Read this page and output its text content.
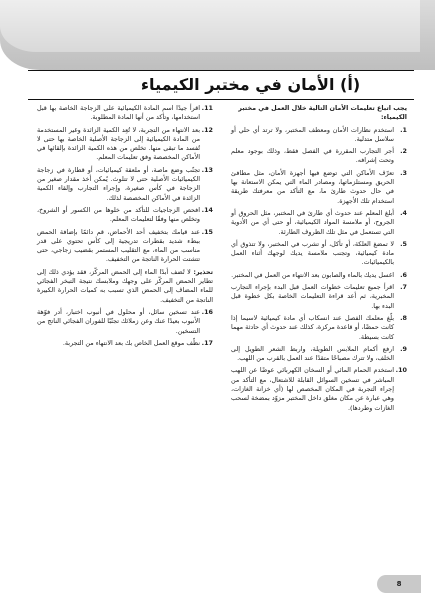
(أ) الأمان في مختبر الكيمياء

يجب اتباع تعليمات الأمان التالية خلال العمل في مختبر الكيمياء:

1.
استخدم نظارات الأمان ومعطف المختبر، ولا ترتد أي حلي أو سلاسل متدلية.
2.
أجر التجارب المقررة في الفصل فقط، وذلك بوجود معلم وتحت إشرافه.
3.
تعرّف الأماكن التي توضع فيها أجهزة الأمان، مثل مطافئ الحريق ومستلزماتها، ومصادر الماء التي يمكن الاستعانة بها في حال حدوث طارئ ما، مع التأكد من معرفتك طريقة استخدام تلك الأجهزة.
4.
أبلغ المعلم عند حدوث أي طارئ في المختبر، مثل الحروق أو الجروح، أو ملامسة المواد الكيميائية، أو حتى أي من الأدوية التي تستعمل في مثل تلك الظروف الطارئة.
5.
لا تمضغ العلكة، أو تأكل، أو تشرب في المختبر، ولا تتذوق أي مادة كيميائية، وتجنب ملامسة يديك لوجهك أثناء العمل بالكيميائيات.
6.
اغسل يديك بالماء والصابون بعد الانتهاء من العمل في المختبر.
7.
اقرأ جميع تعليمات خطوات العمل قبل البدء بإجراء التجارب المخبرية، ثم أعد قراءة التعليمات الخاصة بكل خطوة قبل البدء بها.
8.
بلّغ معلمك الفصل عند انسكاب أي مادة كيميائية لاسيما إذا كانت حمضًا، أو قاعدة مركزة، كذلك عند حدوث أي حادثة مهما كانت بسيطة.
9.
ارفع أكمام الملابس الطويلة، واربط الشعر الطويل إلى الخلف، ولا تترك مصباحًا متقدًا عند العمل بالقرب من اللهب.
10.
استخدم الحمام المائي أو السخان الكهربائي عوضًا عن اللهب المباشر في تسخين السوائل القابلة للاشتعال، مع التأكد من إجراء التجربة في المكان المخصص لها (أي خزانة الغازات، وهي عبارة عن مكان مغلق داخل المختبر مزوّد بمضخة لسحب الغازات وطردها).
11.
اقرأ جيدًا اسم المادة الكيميائية على الزجاجة الخاصة بها قبل استخدامها، وتأكد من أنها المادة المطلوبة.
12.
بعد الانتهاء من التجربة، لا تُعِد الكمية الزائدة وغير المستخدمة من المادة الكيميائية إلى الزجاجة الأصلية الخاصة بها حتى لا تُفسد ما تبقى منها. تخلص من هذه الكمية الزائدة بإلقائها في الأماكن المخصصة وفق تعليمات المعلم.
13.
تجنّب وضع ماصة، أو ملعقة كيميائيات، أو قطارة في زجاجة الكيميائيات الأصلية حتى لا تتلوث. يُمكن أخذ مقدار صغير من الزجاجة في كأس صغيرة، وإجراء التجارب وإلقاء الكمية الزائدة في الأماكن المخصصة لذلك.
14.
افحص الزجاجيات للتأكد من خلوها من الكسور أو الشروخ، وتخلص منها وفقًا لتعليمات المعلم.
15.
عند قيامك بتخفيف أحد الأحماض، قم دائمًا بإضافة الحمض ببطء شديد بقطرات تدريجية إلى كأس تحتوي على قدر مناسب من الماء، مع التقليب المستمر بقضيب زجاجي، حتى تتشتت الحرارة الناتجة من التخفيف.
تحذير: لا تُضف أبدًا الماء إلى الحمض المركّز، فقد يؤدي ذلك إلى تطاير الحمض المركّز على وجهك وملابسك نتيجة التبخر الفجائي للماء المضاف إلى الحمض الذي تسبب به كميات الحرارة الكبيرة الناتجة من التخفيف.
16.
عند تسخين سائل، أو محلول في أنبوب اختبار، أدر فوّهة الأنبوب بعيدًا عنك وعن زملائك تجنّبًا للفوران الفجائي الناتج من التسخين.
17.
نظّف موقع العمل الخاص بك بعد الانتهاء من التجربة.
8
